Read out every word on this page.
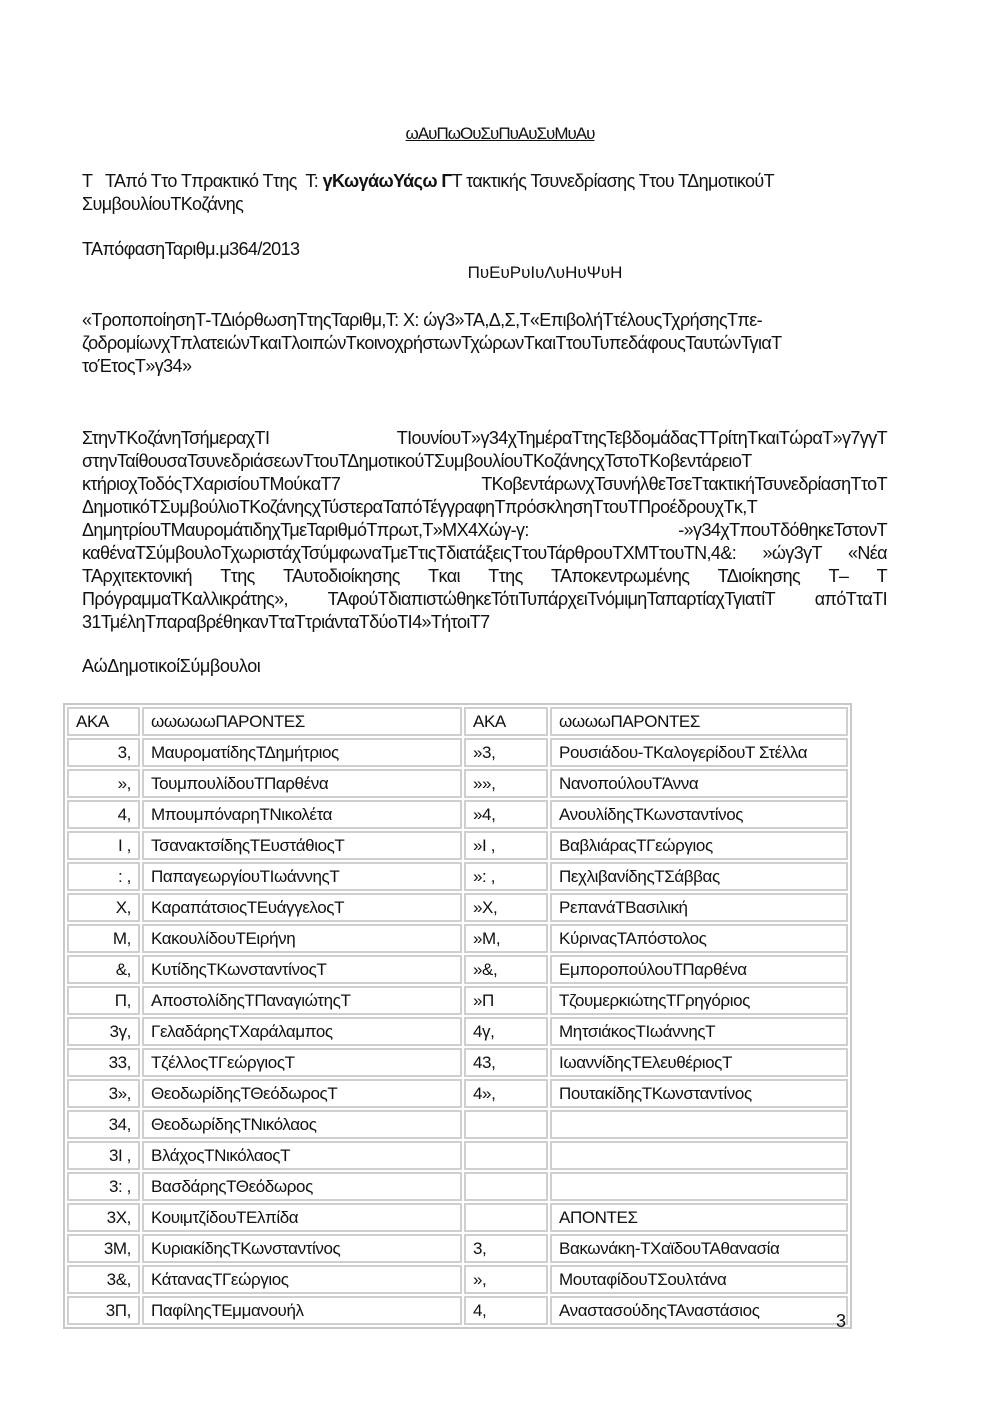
ωΑυΠωΟυΣυΠυΑυΣυΜυΑυ
Τ   ΤΑπό Ττο Τπρακτικό Ττης  Τ: γΚωγάωΥάςω ΓΤ τακτικής Τσυνεδρίασης Ττου ΤΔημοτικούΤ
ΣυμβουλίουΤΚοζάνης
ΤΑπόφασηΤαριθμ.μ364/2013
ΠυΕυΡυΙυΛυΗυΨυΗ
«ΤροποποίησηΤ-ΤΔιόρθωσηΤτηςΤαριθμ,Τ: Χ: ώγ3»ΤΑ,Δ,Σ,Τ«ΕπιβολήΤτέλουςΤχρήσηςΤπε-ζοδρομίωνχΤπλατειώνΤκαιΤλοιπώνΤκοινοχρήστωνΤχώρωνΤκαιΤτουΤυπεδάφουςΤαυτώνΤγιαΤ τοΈτοςΤ»γ34»
ΣτηνΤΚοζάνηΤσήμεραχΤΙ ΤΙουνίουΤ»γ34χΤημέραΤτηςΤεβδομάδαςΤΤρίτηΤκαιΤώραΤ»γ7γγΤ στηνΤαίθουσαΤσυνεδριάσεωνΤτουΤΔημοτικούΤΣυμβουλίουΤΚοζάνηςχΤστοΤΚοβεντάρειοΤ κτήριοχΤοδόςΤΧαρισίουΤΜούκαΤ7 ΤΚοβεντάρωνχΤσυνήλθεΤσεΤτακτικήΤσυνεδρίασηΤτοΤ ΔημοτικόΤΣυμβούλιοΤΚοζάνηςχΤύστεραΤαπόΤέγγραφηΤπρόσκλησηΤτουΤΠροέδρουχΤκ,Τ ΔημητρίουΤΜαυρομάτιδηχΤμεΤαριθμόΤπρωτ,Τ»ΜΧ4Χώγ-γ: -»γ34χΤπουΤδόθηκεΤστονΤ καθέναΤΣύμβουλοΤχωριστάχΤσύμφωναΤμεΤτιςΤδιατάξειςΤτουΤάρθρουΤΧΜΤτουΤΝ,4&: »ώγ3γΤ «Νέα ΤΑρχιτεκτονική Ττης ΤΑυτοδιοίκησης Τκαι Ττης ΤΑποκεντρωμένης ΤΔιοίκησης Τ– Τ ΠρόγραμμαΤΚαλλικράτης», ΤΑφούΤδιαπιστώθηκεΤότιΤυπάρχειΤνόμιμηΤαπαρτίαχΤγιατίΤ απόΤταΤΙ 31ΤμέληΤπαραβρέθηκανΤταΤτριάνταΤδύοΤΙ4»ΤήτοιΤ7
ΑώΔημοτικοίΣύμβουλοι
ΑΚΑ	ωωωωωΠΑΡΟΝΤΕΣ	ΑΚΑ	ωωωωΠΑΡΟΝΤΕΣ
3,	ΜαυροματίδηςΤΔημήτριος	»3,	Ρουσιάδου-ΤΚαλογερίδουΤ Στέλλα
»,	ΤουμπουλίδουΤΠαρθένα	»»,	ΝανοπούλουΤΆννα
4,	ΜπουμπόναρηΤΝικολέτα	»4,	ΑνουλίδηςΤΚωνσταντίνος
Ι ,	ΤσανακτσίδηςΤΕυστάθιοςΤ	»Ι ,	ΒαβλιάραςΤΓεώργιος
: ,	ΠαπαγεωργίουΤΙωάννηςΤ	»: ,	ΠεχλιβανίδηςΤΣάββας
Χ,	ΚαραπάτσιοςΤΕυάγγελοςΤ	»Χ,	ΡεπανάΤΒασιλική
Μ,	ΚακουλίδουΤΕιρήνη	»Μ,	ΚύριναςΤΑπόστολος
&,	ΚυτίδηςΤΚωνσταντίνοςΤ	»&,	ΕμποροπούλουΤΠαρθένα
Π,	ΑποστολίδηςΤΠαναγιώτηςΤ	»Π	ΤζουμερκιώτηςΤΓρηγόριος
3γ,	ΓελαδάρηςΤΧαράλαμπος	4γ,	ΜητσιάκοςΤΙωάννηςΤ
33,	ΤζέλλοςΤΓεώργιοςΤ	43,	ΙωαννίδηςΤΕλευθέριοςΤ
3»,	ΘεοδωρίδηςΤΘεόδωροςΤ	4»,	ΠουτακίδηςΤΚωνσταντίνος
34,	ΘεοδωρίδηςΤΝικόλαος		
3Ι ,	ΒλάχοςΤΝικόλαοςΤ		
3: ,	ΒασδάρηςΤΘεόδωρος		
3Χ,	ΚουιμτζίδουΤΕλπίδα		ΑΠΟΝΤΕΣ
3Μ,	ΚυριακίδηςΤΚωνσταντίνος	3,	Βακωνάκη-ΤΧαϊδουΤΑθανασία
3&,	ΚάταναςΤΓεώργιος	»,	ΜουταφίδουΤΣουλτάνα
3Π,	ΠαφίληςΤΕμμανουήλ	4,	ΑναστασούδηςΤΑναστάσιος
3
